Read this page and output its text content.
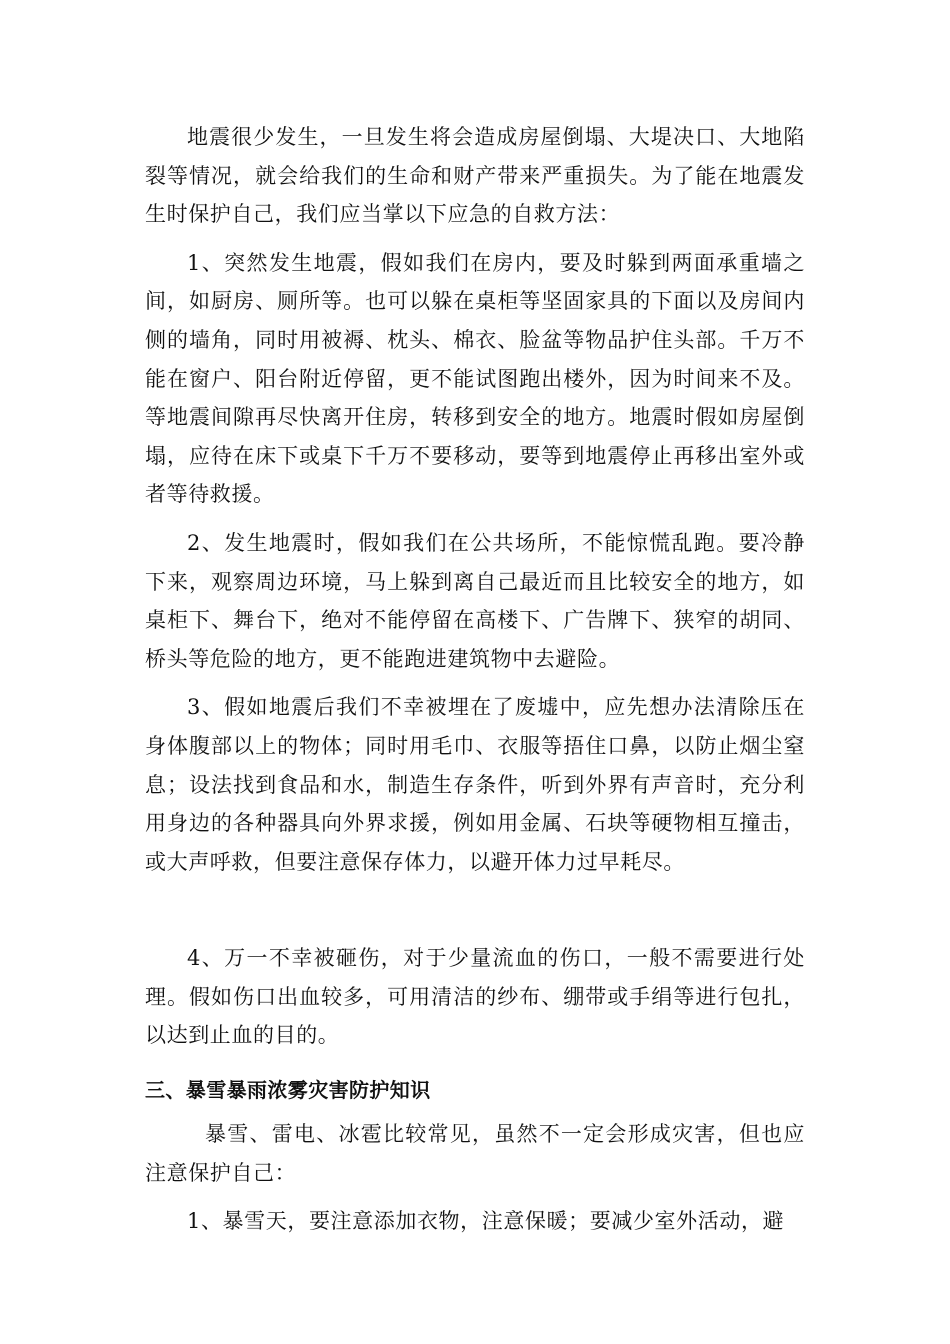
地震很少发生，一旦发生将会造成房屋倒塌、大堤决口、大地陷裂等情况，就会给我们的生命和财产带来严重损失。为了能在地震发生时保护自己，我们应当掌以下应急的自救方法：

1、突然发生地震，假如我们在房内，要及时躲到两面承重墙之间，如厨房、厕所等。也可以躲在桌柜等坚固家具的下面以及房间内侧的墙角，同时用被褥、枕头、棉衣、脸盆等物品护住头部。千万不能在窗户、阳台附近停留，更不能试图跑出楼外，因为时间来不及。等地震间隙再尽快离开住房，转移到安全的地方。地震时假如房屋倒塌，应待在床下或桌下千万不要移动，要等到地震停止再移出室外或者等待救援。

2、发生地震时，假如我们在公共场所，不能惊慌乱跑。要冷静下来，观察周边环境，马上躲到离自己最近而且比较安全的地方，如桌柜下、舞台下，绝对不能停留在高楼下、广告牌下、狭窄的胡同、桥头等危险的地方，更不能跑进建筑物中去避险。

3、假如地震后我们不幸被埋在了废墟中，应先想办法清除压在身体腹部以上的物体；同时用毛巾、衣服等捂住口鼻，以防止烟尘窒息；设法找到食品和水，制造生存条件，听到外界有声音时，充分利用身边的各种器具向外界求援，例如用金属、石块等硬物相互撞击，或大声呼救，但要注意保存体力，以避开体力过早耗尽。

4、万一不幸被砸伤，对于少量流血的伤口，一般不需要进行处理。假如伤口出血较多，可用清洁的纱布、绷带或手绢等进行包扎，以达到止血的目的。

三、暴雪暴雨浓雾灾害防护知识

暴雪、雷电、冰雹比较常见，虽然不一定会形成灾害，但也应注意保护自己：

1、暴雪天，要注意添加衣物，注意保暖；要减少室外活动，避
